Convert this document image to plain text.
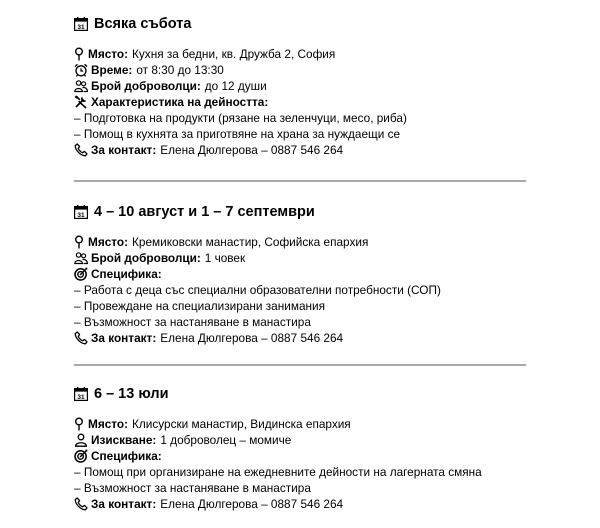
31 Всяка събота
Място: Кухня за бедни, кв. Дружба 2, София
Време: от 8:30 до 13:30
Брой доброволци: до 12 души
Характеристика на дейността:
– Подготовка на продукти (рязане на зеленчуци, месо, риба)
– Помощ в кухнята за приготвяне на храна за нуждаещи се
За контакт: Елена Дюлгерова – 0887 546 264
31 4 – 10 август и 1 – 7 септември
Място: Кремиковски манастир, Софийска епархия
Брой доброволци: 1 човек
Специфика:
– Работа с деца със специални образователни потребности (СОП)
– Провеждане на специализирани занимания
– Възможност за настаняване в манастира
За контакт: Елена Дюлгерова – 0887 546 264
31 6 – 13 юли
Място: Клисурски манастир, Видинска епархия
Изискване: 1 доброволец – момиче
Специфика:
– Помощ при организиране на ежедневните дейности на лагерната смяна
– Възможност за настаняване в манастира
За контакт: Елена Дюлгерова – 0887 546 264
